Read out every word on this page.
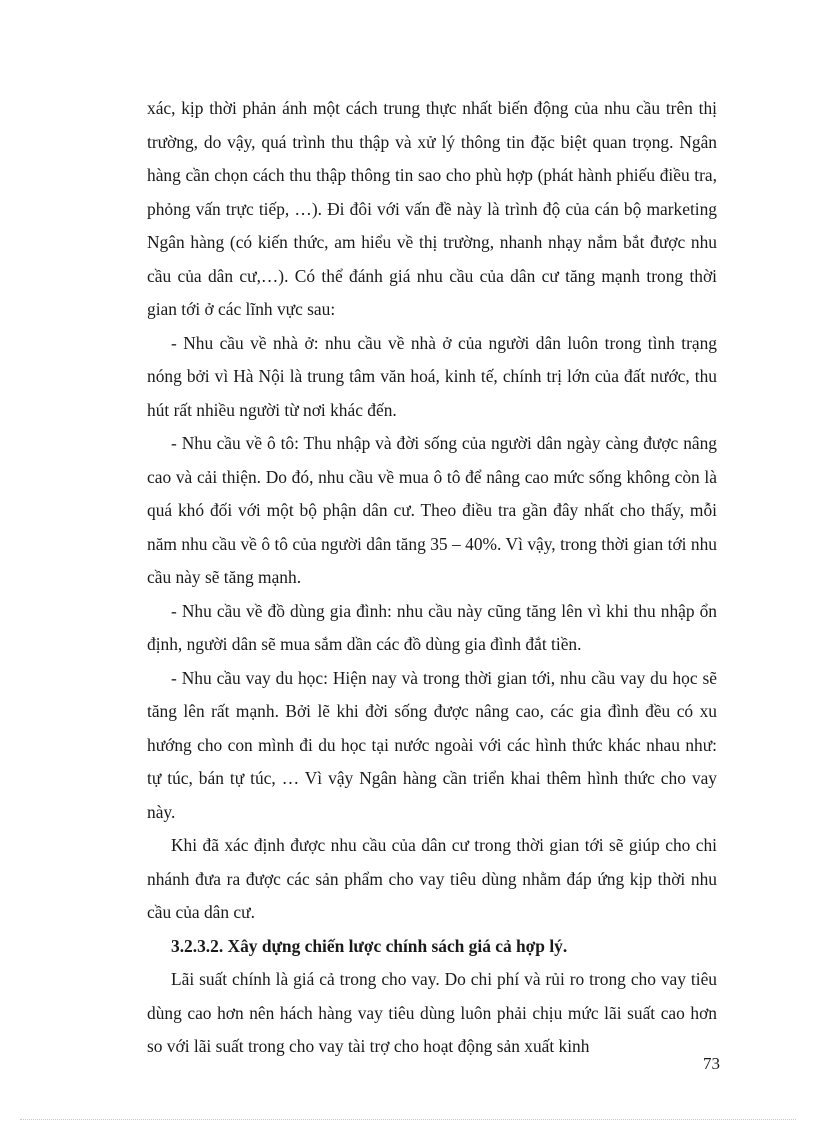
xác, kịp thời phản ánh một cách trung thực nhất biến động của nhu cầu trên thị trường, do vậy, quá trình thu thập và xử lý thông tin đặc biệt quan trọng. Ngân hàng cần chọn cách thu thập thông tin sao cho phù hợp (phát hành phiếu điều tra, phỏng vấn trực tiếp, …). Đi đôi với vấn đề này là trình độ của cán bộ marketing Ngân hàng (có kiến thức, am hiểu về thị trường, nhanh nhạy nắm bắt được nhu cầu của dân cư,…). Có thể đánh giá nhu cầu của dân cư tăng mạnh trong thời gian tới ở các lĩnh vực sau:

- Nhu cầu về nhà ở: nhu cầu về nhà ở của người dân luôn trong tình trạng nóng bởi vì Hà Nội là trung tâm văn hoá, kinh tế, chính trị lớn của đất nước, thu hút rất nhiều người từ nơi khác đến.

- Nhu cầu về ô tô: Thu nhập và đời sống của người dân ngày càng được nâng cao và cải thiện. Do đó, nhu cầu về mua ô tô để nâng cao mức sống không còn là quá khó đối với một bộ phận dân cư. Theo điều tra gần đây nhất cho thấy, mỗi năm nhu cầu về ô tô của người dân tăng 35 – 40%. Vì vậy, trong thời gian tới nhu cầu này sẽ tăng mạnh.

- Nhu cầu về đồ dùng gia đình: nhu cầu này cũng tăng lên vì khi thu nhập ổn định, người dân sẽ mua sắm dần các đồ dùng gia đình đắt tiền.

- Nhu cầu vay du học: Hiện nay và trong thời gian tới, nhu cầu vay du học sẽ tăng lên rất mạnh. Bởi lẽ khi đời sống được nâng cao, các gia đình đều có xu hướng cho con mình đi du học tại nước ngoài với các hình thức khác nhau như: tự túc, bán tự túc, … Vì vậy Ngân hàng cần triển khai thêm hình thức cho vay này.

Khi đã xác định được nhu cầu của dân cư trong thời gian tới sẽ giúp cho chi nhánh đưa ra được các sản phẩm cho vay tiêu dùng nhằm đáp ứng kịp thời nhu cầu của dân cư.

3.2.3.2. Xây dựng chiến lược chính sách giá cả hợp lý.

Lãi suất chính là giá cả trong cho vay. Do chi phí và rủi ro trong cho vay tiêu dùng cao hơn nên hách hàng vay tiêu dùng luôn phải chịu mức lãi suất cao hơn so với lãi suất trong cho vay tài trợ cho hoạt động sản xuất kinh

73
